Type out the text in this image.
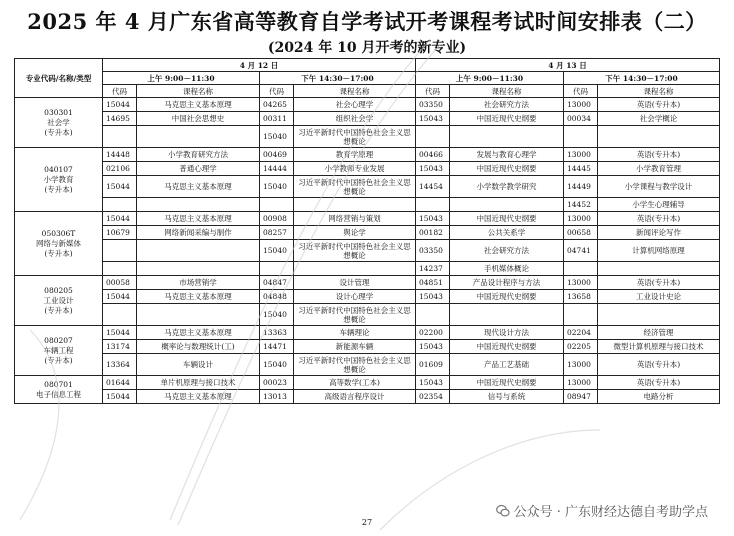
2025 年 4 月广东省高等教育自学考试开考课程考试时间安排表（二）
(2024 年 10 月开考的新专业)
专业代码/名称/类型	4 月 12 日				4 月 13 日			
	上午 9:00－11:30		下午 14:30－17:00		上午 9:00－11:30		下午 14:30－17:00	
	代码	课程名称	代码	课程名称	代码	课程名称	代码	课程名称

030301
社会学
(专升本)	15044	马克思主义基本原理	04265	社会心理学	03350	社会研究方法	13000	英语(专升本)
	14695	中国社会思想史	00311	组织社会学	15043	中国近现代史纲要	00034	社会学概论
			15040	习近平新时代中国特色社会主义思想概论				

040107
小学教育
(专升本)	14448	小学教育研究方法	00469	教育学原理	00466	发展与教育心理学	13000	英语(专升本)
	02106	普通心理学	14444	小学教师专业发展	15043	中国近现代史纲要	14445	小学教育管理
	15044	马克思主义基本原理	15040	习近平新时代中国特色社会主义思想概论	14454	小学数学教学研究	14449	小学课程与教学设计
							14452	小学生心理辅导

050306T
网络与新媒体
(专升本)	15044	马克思主义基本原理	00908	网络营销与策划	15043	中国近现代史纲要	13000	英语(专升本)
	10679	网络新闻采编与制作	08257	舆论学	00182	公共关系学	00658	新闻评论写作
			15040	习近平新时代中国特色社会主义思想概论	03350	社会研究方法	04741	计算机网络原理
					14237	手机媒体概论		

080205
工业设计
(专升本)	00058	市场营销学	04847	设计管理	04851	产品设计程序与方法	13000	英语(专升本)
	15044	马克思主义基本原理	04848	设计心理学	15043	中国近现代史纲要	13658	工业设计史论
			15040	习近平新时代中国特色社会主义思想概论				

080207
车辆工程
(专升本)	15044	马克思主义基本原理	13363	车辆理论	02200	现代设计方法	02204	经济管理
	13174	概率论与数理统计(工)	14471	新能源车辆	15043	中国近现代史纲要	02205	微型计算机原理与接口技术
	13364	车辆设计	15040	习近平新时代中国特色社会主义思想概论	01609	产品工艺基础	13000	英语(专升本)

080701
电子信息工程	01644	单片机原理与接口技术	00023	高等数学(工本)	15043	中国近现代史纲要	13000	英语(专升本)
	15044	马克思主义基本原理	13013	高级语言程序设计	02354	信号与系统	08947	电路分析
27
公众号 · 广东财经达德自考助学点
